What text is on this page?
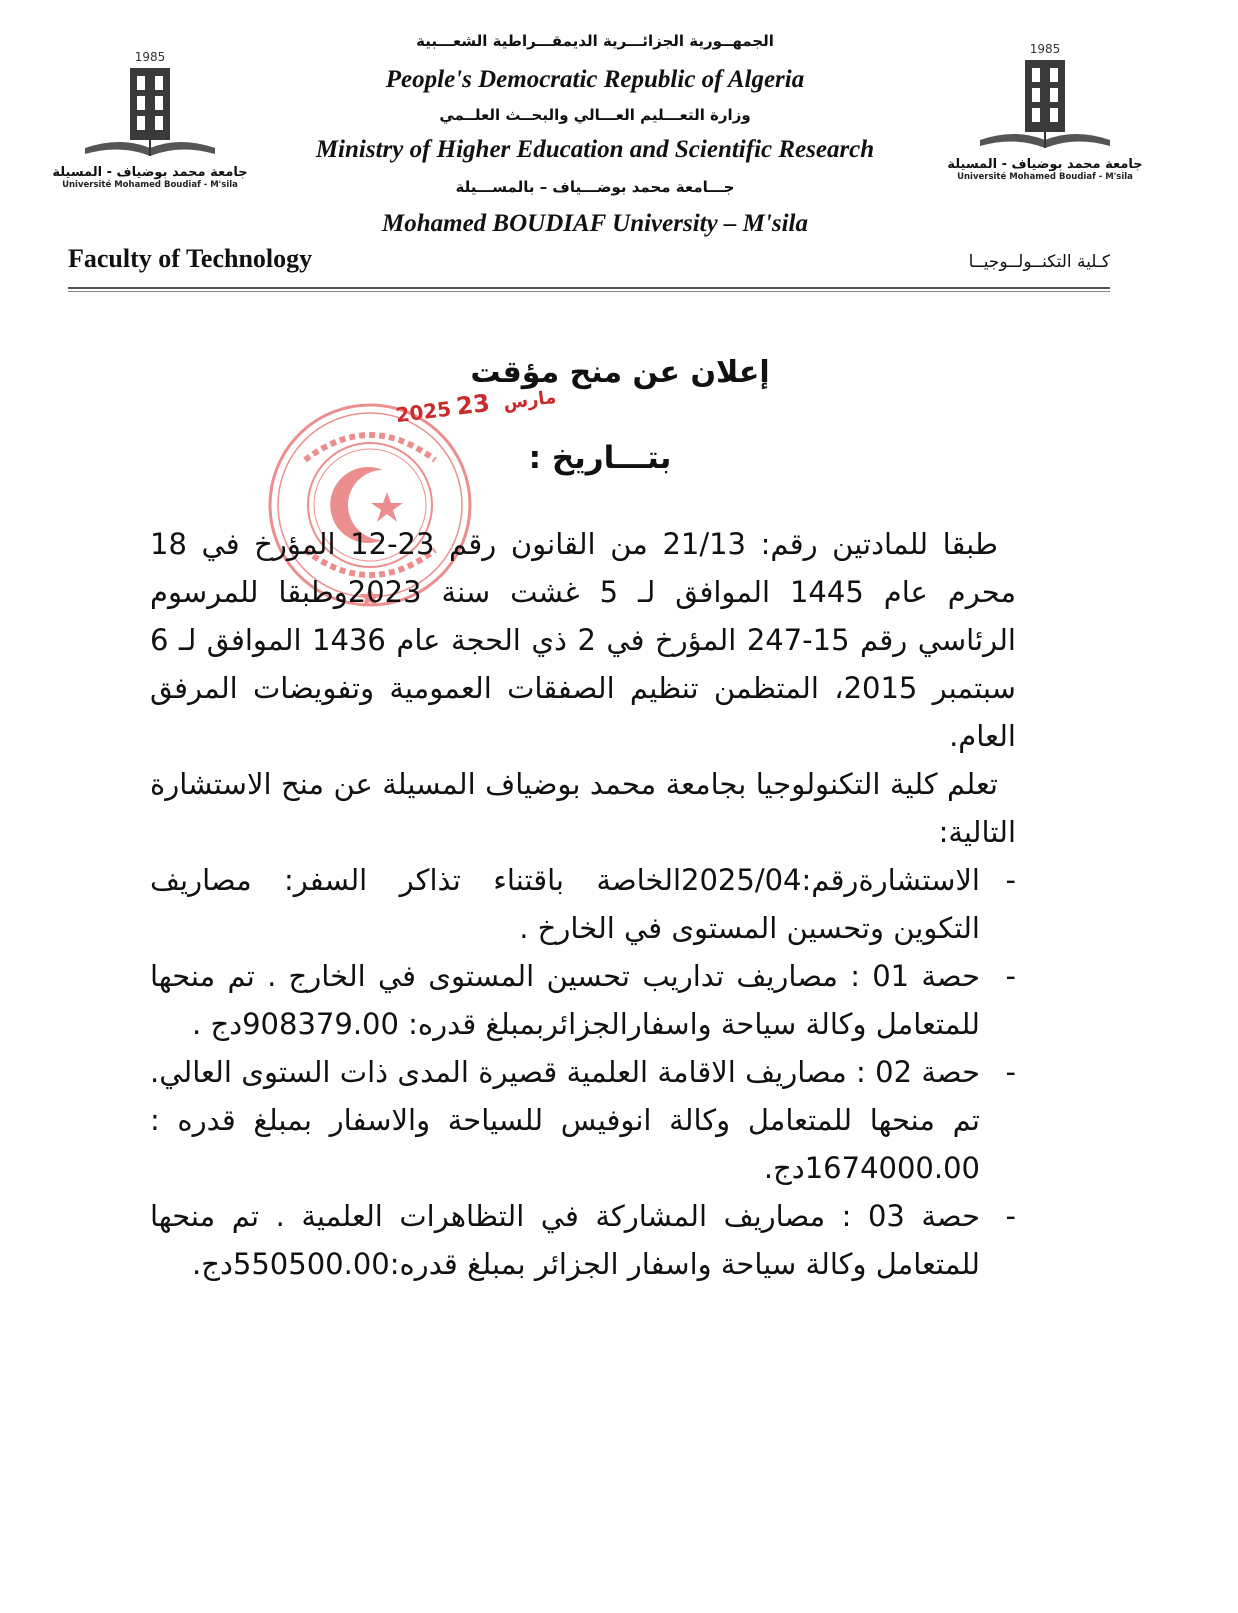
1985
جامعة محمد بوضياف - المسيلة
Université Mohamed Boudiaf - M'sila
1985
جامعة محمد بوضياف - المسيلة
Université Mohamed Boudiaf - M'sila
الجمهــورية الجزائـــرية الديمقـــراطية الشعـــبية
People's Democratic Republic of Algeria
وزارة التعـــليم العـــالي والبحــث العلــمي
Ministry of Higher Education and Scientific Research
جـــامعة محمد بوضـــياف – بالمســـيلة
Mohamed BOUDIAF University – M'sila
Faculty of Technology	كـلية التكنــولــوجيــا
إعلان عن منح مؤقت
2025	مارس 23
بتـــاريخ :

طبقا للمادتين رقم: 21/13 من القانون رقم 23-12 المؤرخ في 18 محرم عام 1445 الموافق لـ 5 غشت سنة 2023وطبقا للمرسوم الرئاسي رقم 15-247 المؤرخ في 2 ذي الحجة عام 1436 الموافق لـ 6 سبتمبر 2015، المتظمن تنظيم الصفقات العمومية وتفويضات المرفق العام.

تعلم كلية التكنولوجيا بجامعة محمد بوضياف المسيلة عن منح الاستشارة التالية:

-
الاستشارةرقم:2025/04الخاصة باقتناء تذاكر السفر: مصاريف التكوين وتحسين المستوى في الخارخ .
-
حصة 01 : مصاريف تداريب تحسين المستوى في الخارج . تم منحها للمتعامل وكالة سياحة واسفارالجزائربمبلغ قدره: 908379.00دج .
-
حصة 02 : مصاريف الاقامة العلمية قصيرة المدى ذات الستوى العالي. تم منحها للمتعامل وكالة انوفيس للسياحة والاسفار بمبلغ قدره : 1674000.00دج.
-
حصة 03 : مصاريف المشاركة في التظاهرات العلمية . تم منحها للمتعامل وكالة سياحة واسفار الجزائر بمبلغ قدره:550500.00دج.
